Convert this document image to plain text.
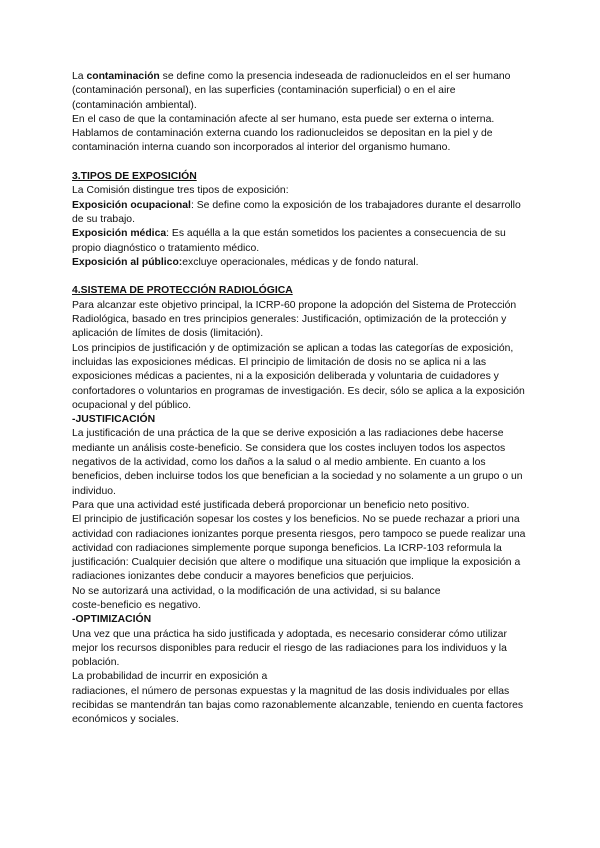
La contaminación se define como la presencia indeseada de radionucleidos en el ser humano (contaminación personal), en las superficies (contaminación superficial) o en el aire (contaminación ambiental).

En el caso de que la contaminación afecte al ser humano, esta puede ser externa o interna.

Hablamos de contaminación externa cuando los radionucleidos se depositan en la piel y de contaminación interna cuando son incorporados al interior del organismo humano.

3.TIPOS DE EXPOSICIÓN

La Comisión distingue tres tipos de exposición:

Exposición ocupacional: Se define como la exposición de los trabajadores durante el desarrollo de su trabajo.

Exposición médica: Es aquélla a la que están sometidos los pacientes a consecuencia de su propio diagnóstico o tratamiento médico.

Exposición al público:excluye operacionales, médicas y de fondo natural.

4.SISTEMA DE PROTECCIÓN RADIOLÓGICA

Para alcanzar este objetivo principal, la ICRP-60 propone la adopción del Sistema de Protección Radiológica, basado en tres principios generales: Justificación, optimización de la protección y aplicación de límites de dosis (limitación).

Los principios de justificación y de optimización se aplican a todas las categorías de exposición, incluidas las exposiciones médicas. El principio de limitación de dosis no se aplica ni a las exposiciones médicas a pacientes, ni a la exposición deliberada y voluntaria de cuidadores y confortadores o voluntarios en programas de investigación. Es decir, sólo se aplica a la exposición ocupacional y del público.

-JUSTIFICACIÓN

La justificación de una práctica de la que se derive exposición a las radiaciones debe hacerse mediante un análisis coste-beneficio. Se considera que los costes incluyen todos los aspectos negativos de la actividad, como los daños a la salud o al medio ambiente. En cuanto a los beneficios, deben incluirse todos los que benefician a la sociedad y no solamente a un grupo o un individuo.

Para que una actividad esté justificada deberá proporcionar un beneficio neto positivo.

El principio de justificación sopesar los costes y los beneficios. No se puede rechazar a priori una actividad con radiaciones ionizantes porque presenta riesgos, pero tampoco se puede realizar una actividad con radiaciones simplemente porque suponga beneficios. La ICRP-103 reformula la justificación: Cualquier decisión que altere o modifique una situación que implique la exposición a radiaciones ionizantes debe conducir a mayores beneficios que perjuicios.

No se autorizará una actividad, o la modificación de una actividad, si su balance

coste-beneficio es negativo.

-OPTIMIZACIÓN

Una vez que una práctica ha sido justificada y adoptada, es necesario considerar cómo utilizar mejor los recursos disponibles para reducir el riesgo de las radiaciones para los individuos y la población.

La probabilidad de incurrir en exposición a

radiaciones, el número de personas expuestas y la magnitud de las dosis individuales por ellas recibidas se mantendrán tan bajas como razonablemente alcanzable, teniendo en cuenta factores económicos y sociales.
